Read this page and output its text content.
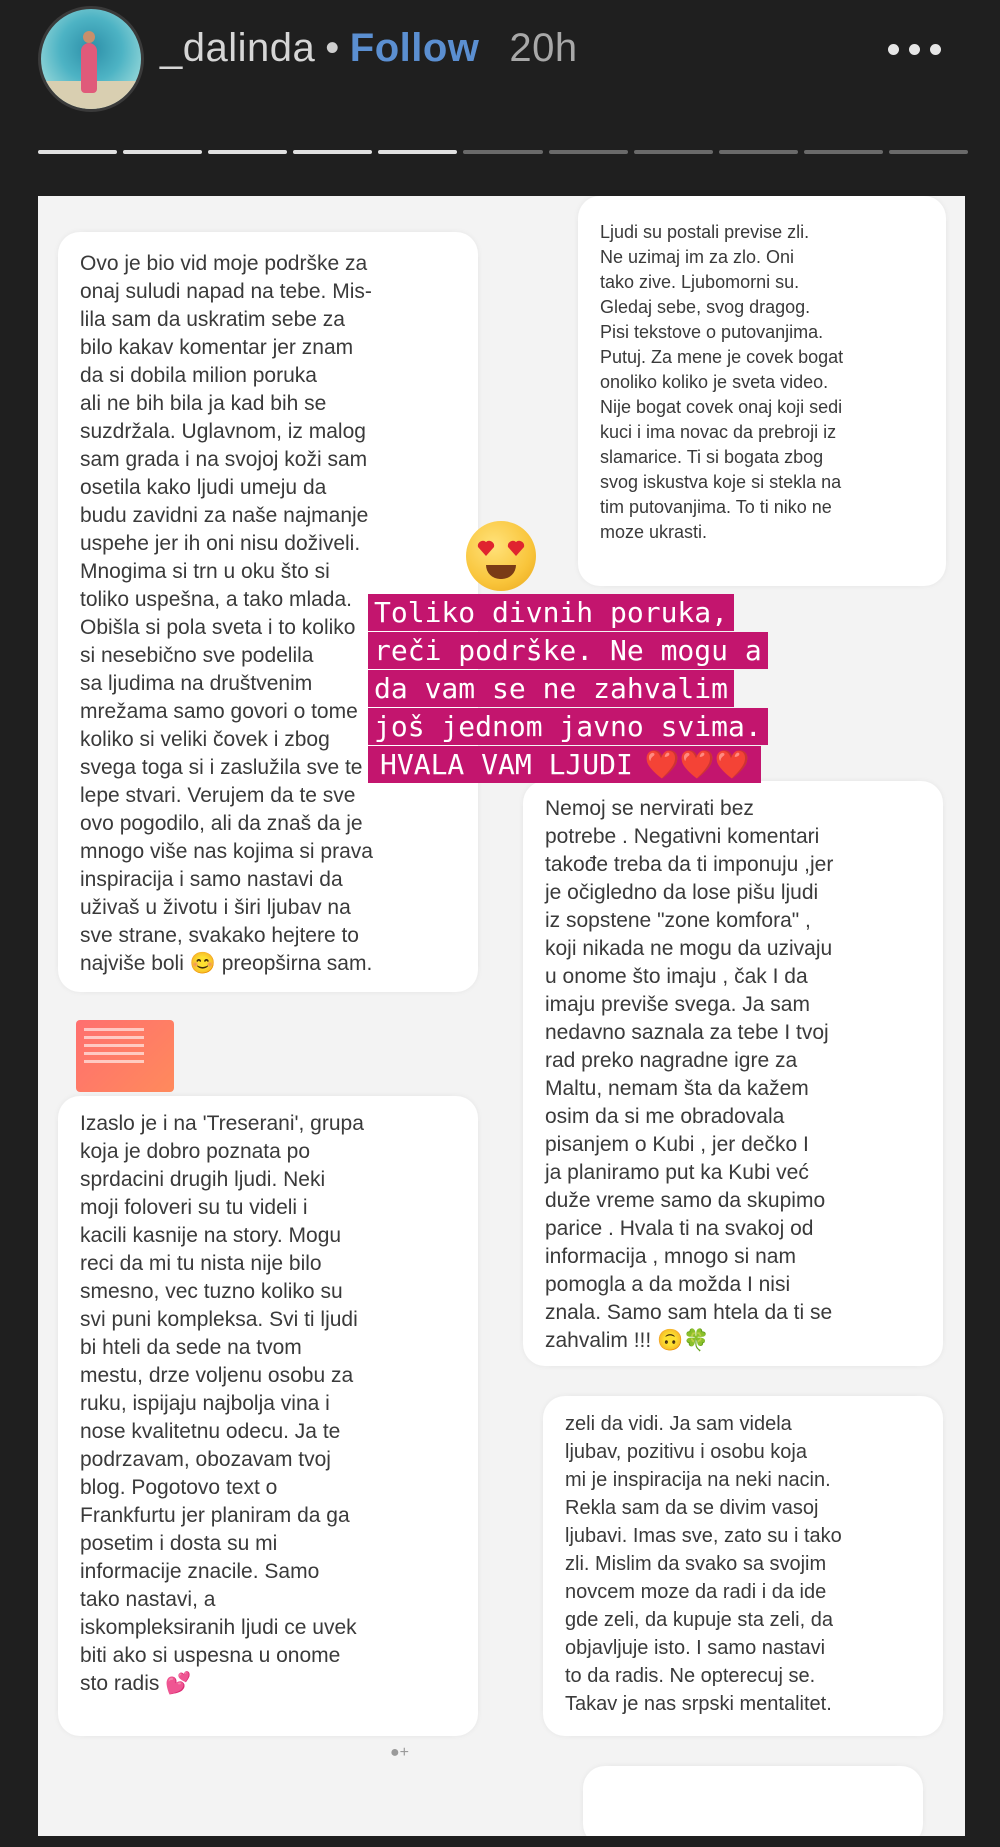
_dalinda • Follow 20h

Ovo je bio vid moje podrške za
onaj suludi napad na tebe. Mis-
lila sam da uskratim sebe za
bilo kakav komentar jer znam
da si dobila milion poruka
ali ne bih bila ja kad bih se
suzdržala. Uglavnom, iz malog
sam grada i na svojoj koži sam
osetila kako ljudi umeju da
budu zavidni za naše najmanje
uspehe jer ih oni nisu doživeli.
Mnogima si trn u oku što si
toliko uspešna, a tako mlada.
Obišla si pola sveta i to koliko
si nesebično sve podelila
sa ljudima na društvenim
mrežama samo govori o tome
koliko si veliki čovek i zbog
svega toga si i zaslužila sve te
lepe stvari. Verujem da te sve
ovo pogodilo, ali da znaš da je
mnogo više nas kojima si prava
inspiracija i samo nastavi da
uživaš u životu i širi ljubav na
sve strane, svakako hejtere to
najviše boli 😊 preopširna sam.

Ljudi su postali previse zli.
Ne uzimaj im za zlo. Oni
tako zive. Ljubomorni su.
Gledaj sebe, svog dragog.
Pisi tekstove o putovanjima.
Putuj. Za mene je covek bogat
onoliko koliko je sveta video.
Nije bogat covek onaj koji sedi
kuci i ima novac da prebroji iz
slamarice. Ti si bogata zbog
svog iskustva koje si stekla na
tim putovanjima. To ti niko ne
moze ukrasti.

Nemoj se nervirati bez
potrebe . Negativni komentari
takođe treba da ti imponuju ,jer
je očigledno da lose pišu ljudi
iz sopstene "zone komfora" ,
koji nikada ne mogu da uzivaju
u onome što imaju , čak I da
imaju previše svega. Ja sam
nedavno saznala za tebe I tvoj
rad preko nagradne igre za
Maltu, nemam šta da kažem
osim da si me obradovala
pisanjem o Kubi , jer dečko I
ja planiramo put ka Kubi već
duže vreme samo da skupimo
parice . Hvala ti na svakoj od
informacija , mnogo si nam
pomogla a da možda I nisi
znala. Samo sam htela da ti se
zahvalim !!! 🙃🍀

Izaslo je i na 'Treserani', grupa
koja je dobro poznata po
sprdacini drugih ljudi. Neki
moji foloveri su tu videli i
kacili kasnije na story. Mogu
reci da mi tu nista nije bilo
smesno, vec tuzno koliko su
svi puni kompleksa. Svi ti ljudi
bi hteli da sede na tvom
mestu, drze voljenu osobu za
ruku, ispijaju najbolja vina i
nose kvalitetnu odecu. Ja te
podrzavam, obozavam tvoj
blog. Pogotovo text o
Frankfurtu jer planiram da ga
posetim i dosta su mi
informacije znacile. Samo
tako nastavi, a
iskompleksiranih ljudi ce uvek
biti ako si uspesna u onome
sto radis 💕

●+

zeli da vidi. Ja sam videla
ljubav, pozitivu i osobu koja
mi je inspiracija na neki nacin.
Rekla sam da se divim vasoj
ljubavi. Imas sve, zato su i tako
zli. Mislim da svako sa svojim
novcem moze da radi i da ide
gde zeli, da kupuje sta zeli, da
objavljuje isto. I samo nastavi
to da radis. Ne opterecuj se.
Takav je nas srpski mentalitet.

Toliko divnih poruka,
reči podrške. Ne mogu a
da vam se ne zahvalim
još jednom javno svima.
HVALA VAM LJUDI ❤️❤️❤️
